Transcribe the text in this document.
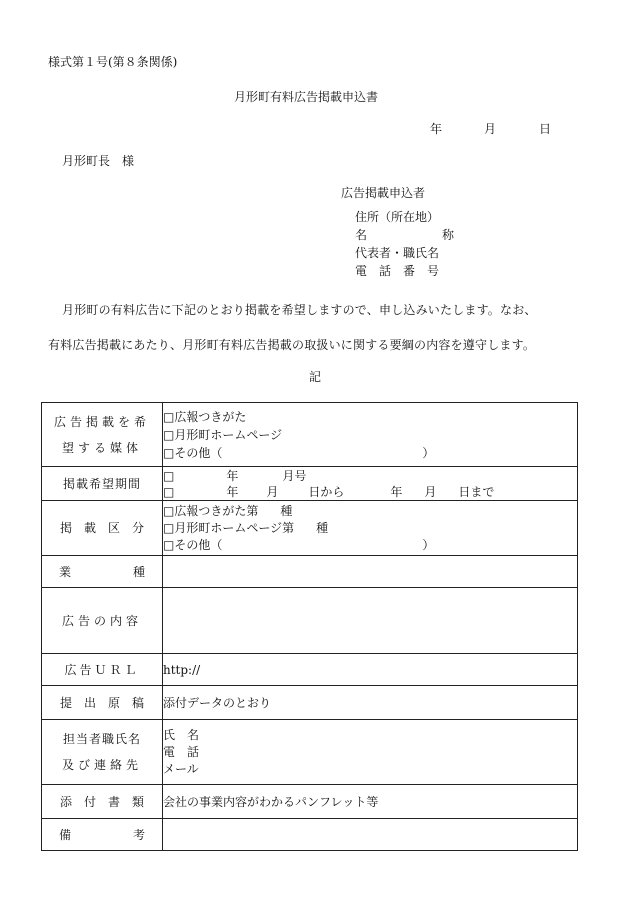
様式第１号(第８条関係)
月形町有料広告掲載申込書
年	月	日
月形町長　様
広告掲載申込者
住所（所在地）
名	称
代表者・職氏名
電　話　番　号
月形町の有料広告に下記のとおり掲載を希望しますので、申し込みいたします。なお、
有料広告掲載にあたり、月形町有料広告掲載の取扱いに関する要綱の内容を遵守します。
記
広告掲載を希
望する媒体	□広報つきがた
□月形町ホームページ
□その他（ ）

掲載希望期間	□ 年 月号
□ 年 月 日から 年 月 日まで

掲　載　区　分	□広報つきがた第 種
□月形町ホームページ第 種
□その他（ ）

業 種	
広告の内容	
広告ＵＲＬ	http://
提　出　原　稿	添付データのとおり

担当者職氏名
及び連絡先	氏　名
電　話
メール

添　付　書　類	会社の事業内容がわかるパンフレット等
備 考	
